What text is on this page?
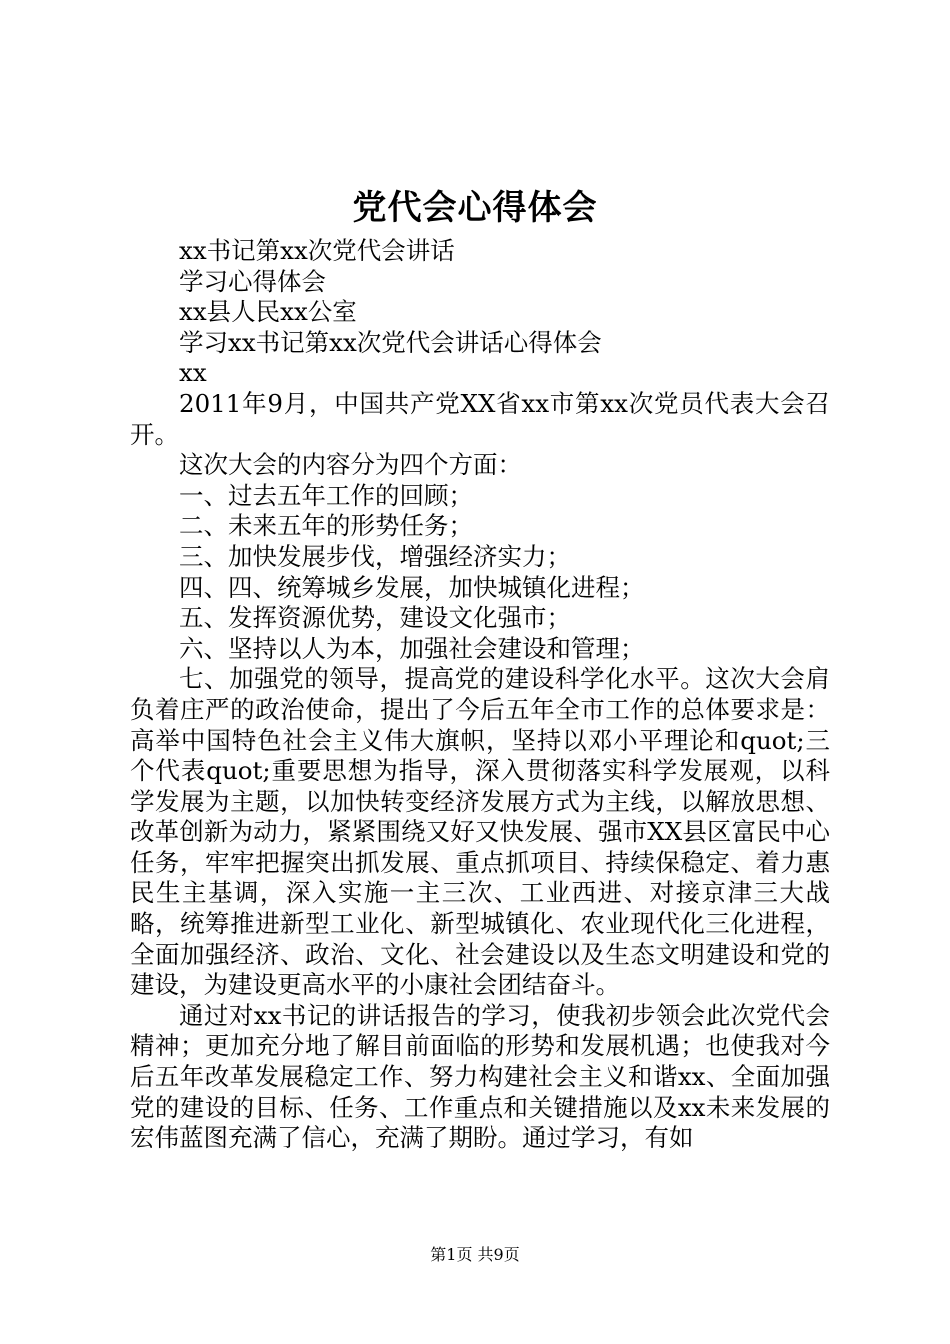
党代会心得体会

xx书记第xx次党代会讲话

学习心得体会

xx县人民xx公室

学习xx书记第xx次党代会讲话心得体会

xx

2011年9月，中国共产党XX省xx市第xx次党员代表大会召开。

这次大会的内容分为四个方面：

一、过去五年工作的回顾；

二、未来五年的形势任务；

三、加快发展步伐，增强经济实力；

四、四、统筹城乡发展，加快城镇化进程；

五、发挥资源优势，建设文化强市；

六、坚持以人为本，加强社会建设和管理；

七、加强党的领导，提高党的建设科学化水平。这次大会肩负着庄严的政治使命，提出了今后五年全市工作的总体要求是：高举中国特色社会主义伟大旗帜，坚持以邓小平理论和quot;三个代表quot;重要思想为指导，深入贯彻落实科学发展观，以科学发展为主题，以加快转变经济发展方式为主线，以解放思想、改革创新为动力，紧紧围绕又好又快发展、强市XX县区富民中心任务，牢牢把握突出抓发展、重点抓项目、持续保稳定、着力惠民生主基调，深入实施一主三次、工业西进、对接京津三大战略，统筹推进新型工业化、新型城镇化、农业现代化三化进程，全面加强经济、政治、文化、社会建设以及生态文明建设和党的建设，为建设更高水平的小康社会团结奋斗。

通过对xx书记的讲话报告的学习，使我初步领会此次党代会精神；更加充分地了解目前面临的形势和发展机遇；也使我对今后五年改革发展稳定工作、努力构建社会主义和谐xx、全面加强党的建设的目标、任务、工作重点和关键措施以及xx未来发展的宏伟蓝图充满了信心，充满了期盼。通过学习，有如

第1页 共9页
